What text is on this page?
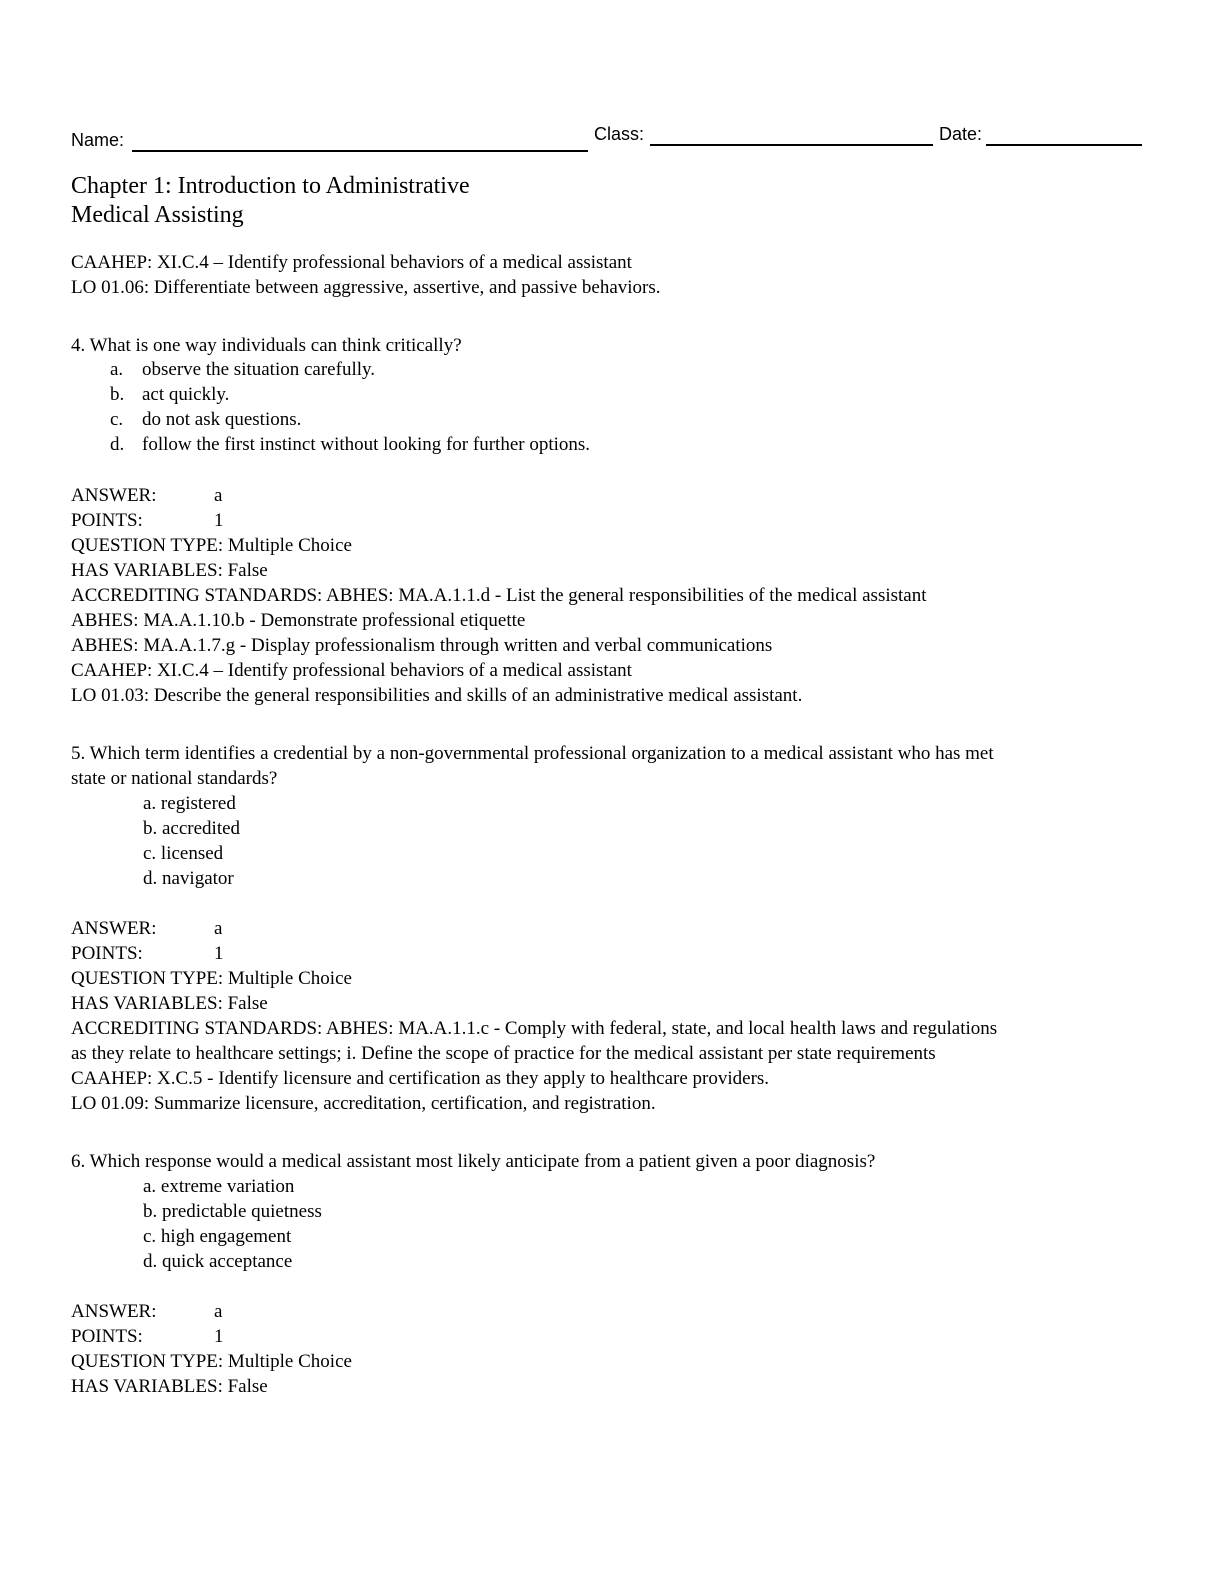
Name:	Class:	Date:
Chapter 1: Introduction to Administrative
Medical Assisting
CAAHEP: XI.C.4 – Identify professional behaviors of a medical assistant
LO 01.06: Differentiate between aggressive, assertive, and passive behaviors.
4. What is one way individuals can think critically?
a. observe the situation carefully.
b. act quickly.
c. do not ask questions.
d. follow the first instinct without looking for further options.
ANSWER:	a
POINTS:	1
QUESTION TYPE: Multiple Choice
HAS VARIABLES: False
ACCREDITING STANDARDS: ABHES: MA.A.1.1.d - List the general responsibilities of the medical assistant
ABHES: MA.A.1.10.b - Demonstrate professional etiquette
ABHES: MA.A.1.7.g - Display professionalism through written and verbal communications
CAAHEP: XI.C.4 – Identify professional behaviors of a medical assistant
LO 01.03: Describe the general responsibilities and skills of an administrative medical assistant.
5. Which term identifies a credential by a non-governmental professional organization to a medical assistant who has met
state or national standards?
a. registered
b. accredited
c. licensed
d. navigator
ANSWER:	a
POINTS:	1
QUESTION TYPE: Multiple Choice
HAS VARIABLES: False
ACCREDITING STANDARDS: ABHES: MA.A.1.1.c - Comply with federal, state, and local health laws and regulations
as they relate to healthcare settings; i. Define the scope of practice for the medical assistant per state requirements
CAAHEP: X.C.5 - Identify licensure and certification as they apply to healthcare providers.
LO 01.09: Summarize licensure, accreditation, certification, and registration.
6. Which response would a medical assistant most likely anticipate from a patient given a poor diagnosis?
a. extreme variation
b. predictable quietness
c. high engagement
d. quick acceptance
ANSWER:	a
POINTS:	1
QUESTION TYPE: Multiple Choice
HAS VARIABLES: False
